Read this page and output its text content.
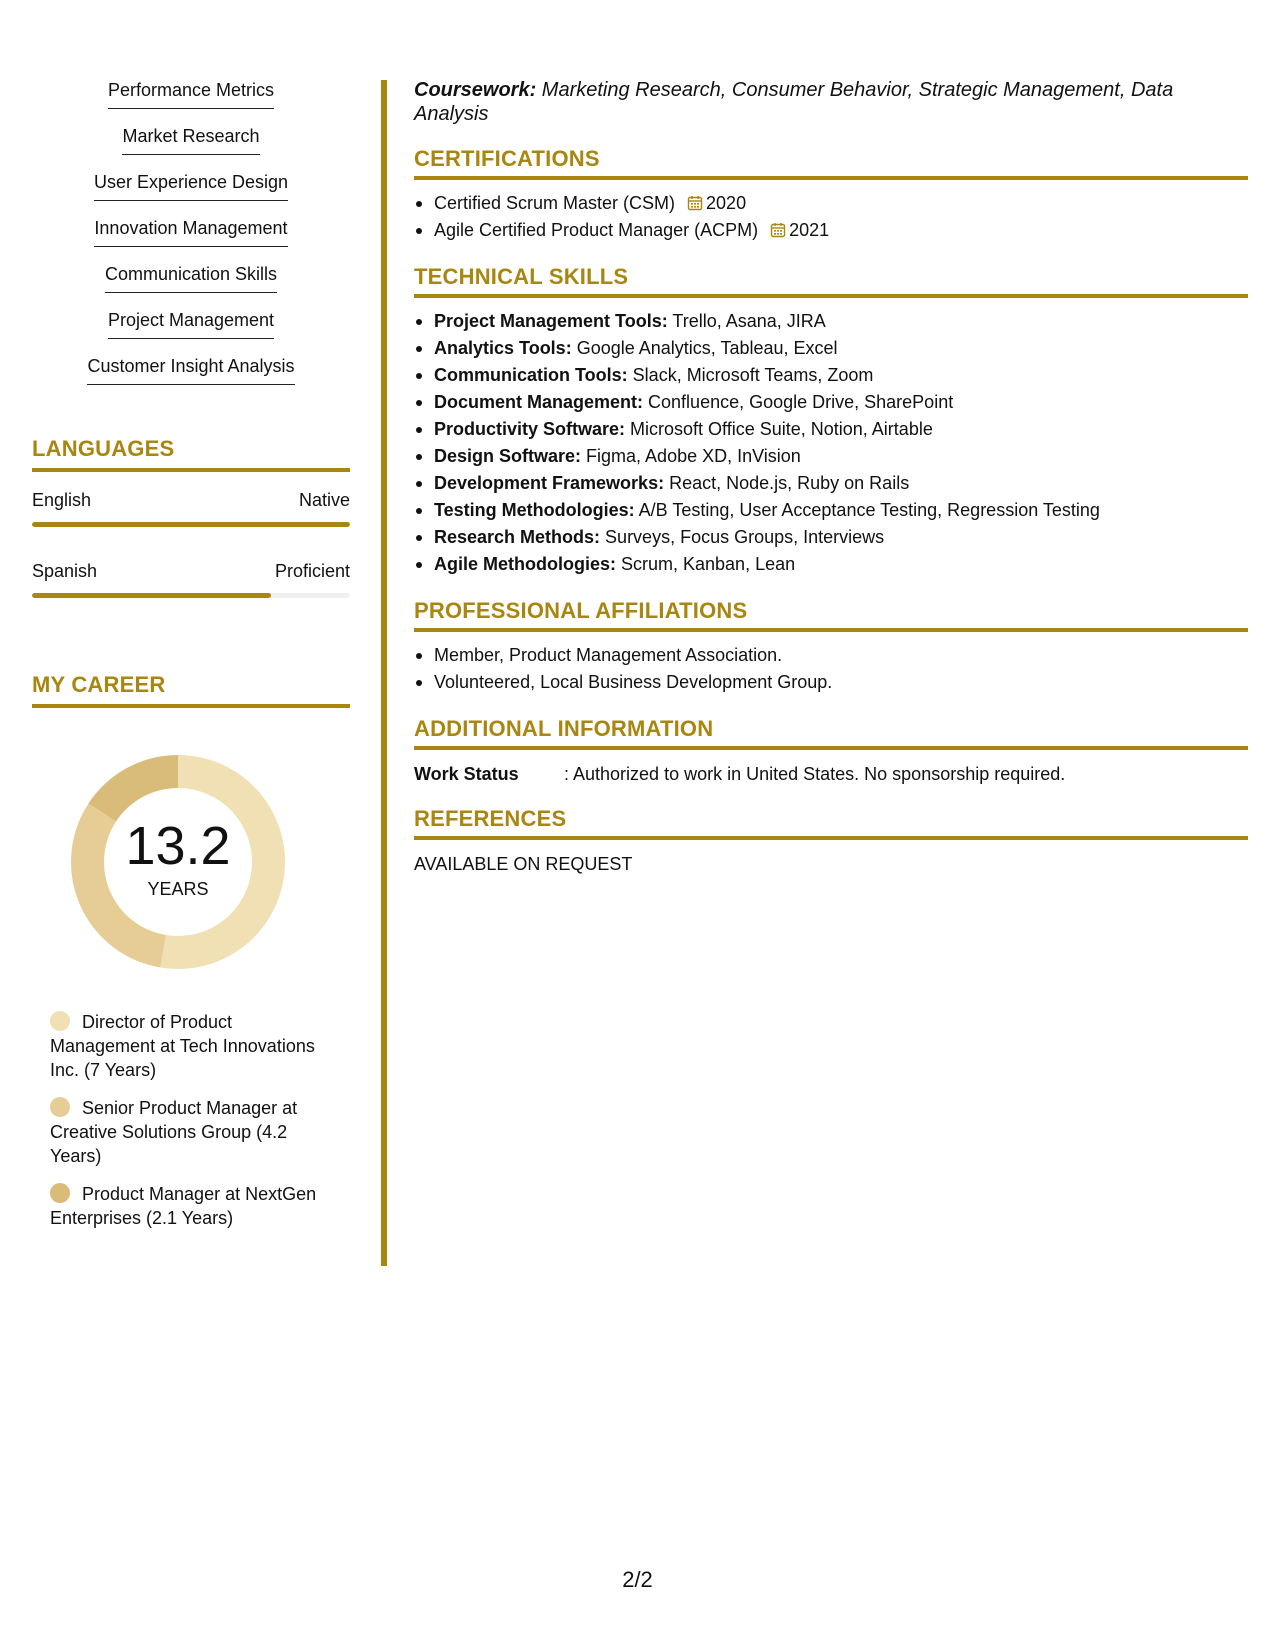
Performance Metrics
Market Research
User Experience Design
Innovation Management
Communication Skills
Project Management
Customer Insight Analysis
LANGUAGES
English	Native
Spanish	Proficient
MY CAREER
13.2
YEARS
Director of Product Management at Tech Innovations Inc. (7 Years)
Senior Product Manager at Creative Solutions Group (4.2 Years)
Product Manager at NextGen Enterprises (2.1 Years)

Coursework: Marketing Research, Consumer Behavior, Strategic Management, Data Analysis

CERTIFICATIONS
Certified Scrum Master (CSM) 2020
Agile Certified Product Manager (ACPM) 2021
TECHNICAL SKILLS
Project Management Tools: Trello, Asana, JIRA
Analytics Tools: Google Analytics, Tableau, Excel
Communication Tools: Slack, Microsoft Teams, Zoom
Document Management: Confluence, Google Drive, SharePoint
Productivity Software: Microsoft Office Suite, Notion, Airtable
Design Software: Figma, Adobe XD, InVision
Development Frameworks: React, Node.js, Ruby on Rails
Testing Methodologies: A/B Testing, User Acceptance Testing, Regression Testing
Research Methods: Surveys, Focus Groups, Interviews
Agile Methodologies: Scrum, Kanban, Lean
PROFESSIONAL AFFILIATIONS
Member, Product Management Association.
Volunteered, Local Business Development Group.
ADDITIONAL INFORMATION
Work Status	: Authorized to work in United States. No sponsorship required.
REFERENCES
AVAILABLE ON REQUEST
2/2
